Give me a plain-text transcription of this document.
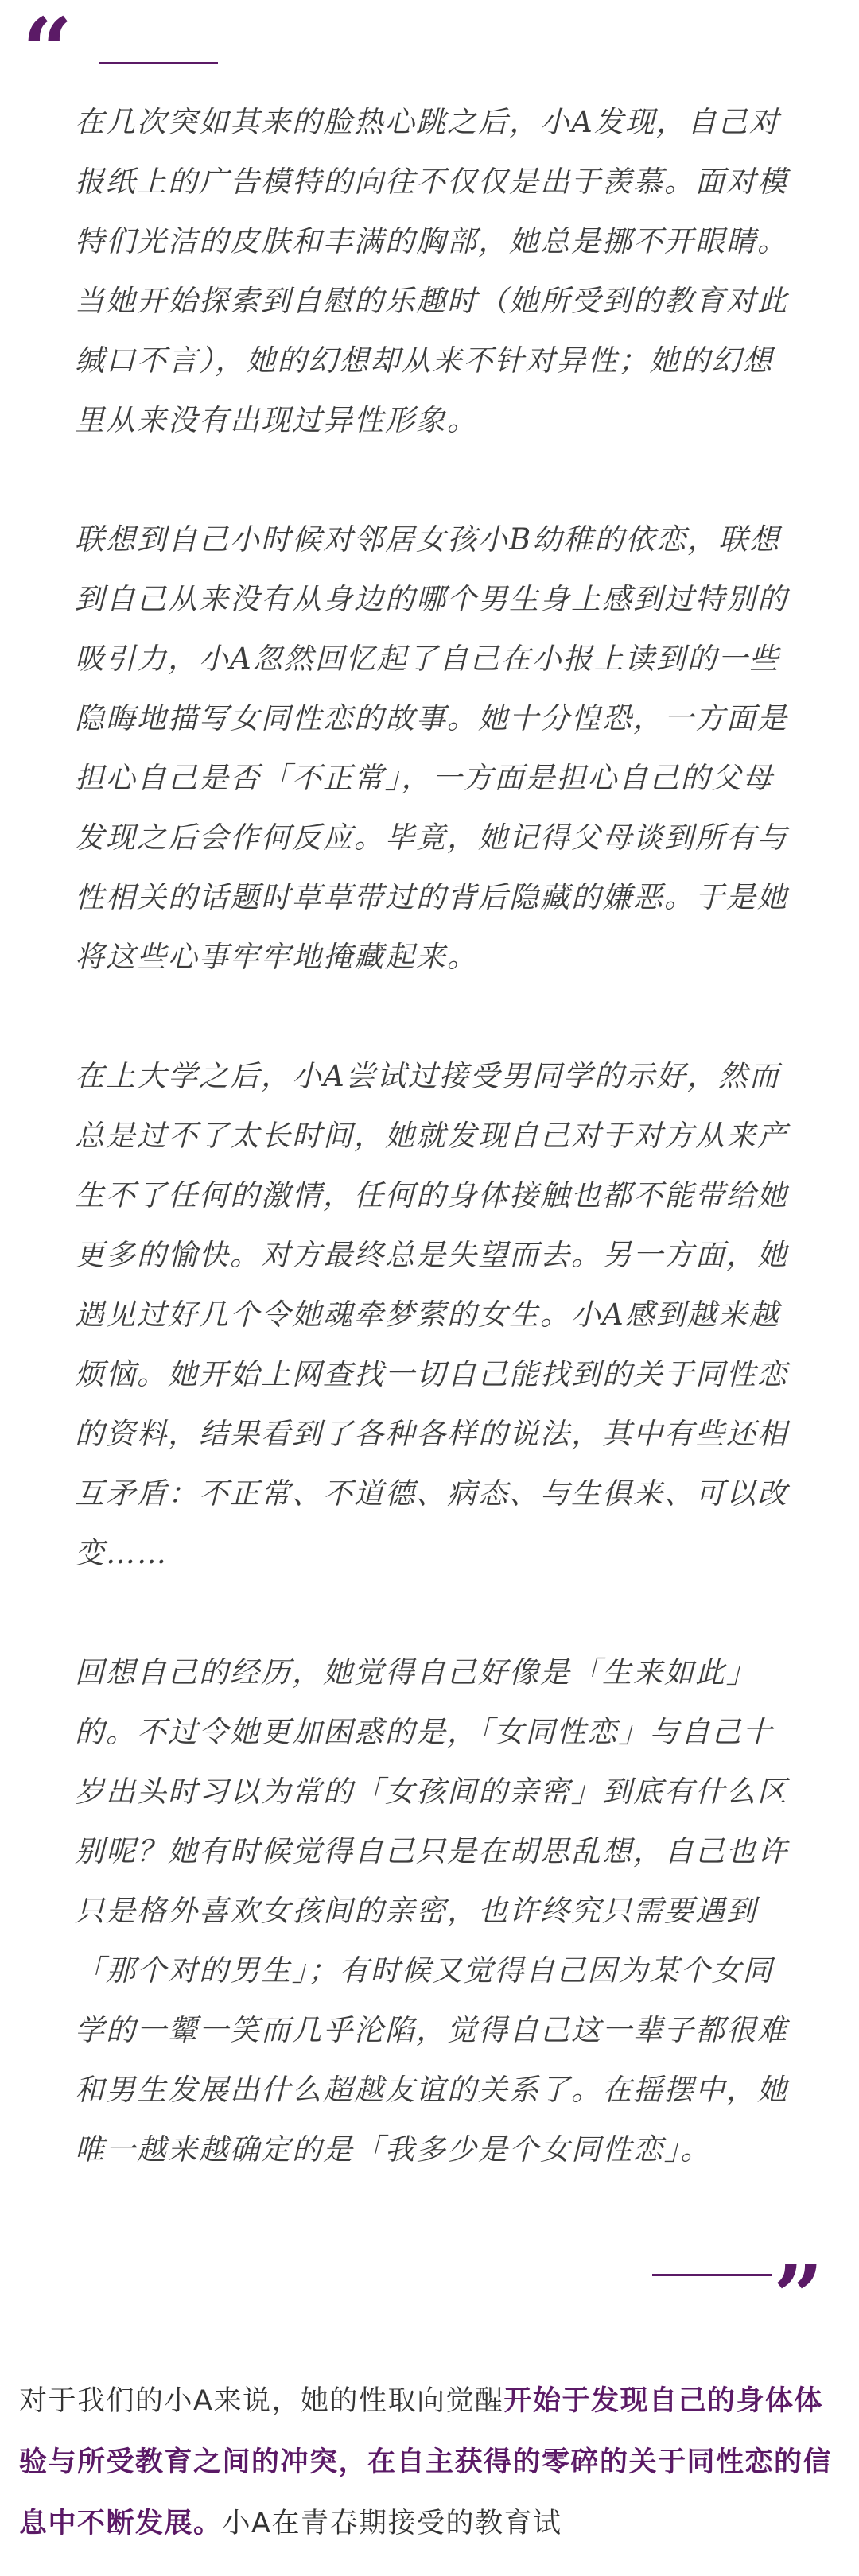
“

在几次突如其来的脸热心跳之后，小A发现，自己对报纸上的广告模特的向往不仅仅是出于羡慕。面对模特们光洁的皮肤和丰满的胸部，她总是挪不开眼睛。当她开始探索到自慰的乐趣时（她所受到的教育对此缄口不言），她的幻想却从来不针对异性；她的幻想里从来没有出现过异性形象。

联想到自己小时候对邻居女孩小B幼稚的依恋，联想到自己从来没有从身边的哪个男生身上感到过特别的吸引力，小A忽然回忆起了自己在小报上读到的一些隐晦地描写女同性恋的故事。她十分惶恐，一方面是担心自己是否「不正常」，一方面是担心自己的父母发现之后会作何反应。毕竟，她记得父母谈到所有与性相关的话题时草草带过的背后隐藏的嫌恶。于是她将这些心事牢牢地掩藏起来。

在上大学之后，小A尝试过接受男同学的示好，然而总是过不了太长时间，她就发现自己对于对方从来产生不了任何的激情，任何的身体接触也都不能带给她更多的愉快。对方最终总是失望而去。另一方面，她遇见过好几个令她魂牵梦萦的女生。小A感到越来越烦恼。她开始上网查找一切自己能找到的关于同性恋的资料，结果看到了各种各样的说法，其中有些还相互矛盾：不正常、不道德、病态、与生俱来、可以改变……

回想自己的经历，她觉得自己好像是「生来如此」的。不过令她更加困惑的是，「女同性恋」与自己十岁出头时习以为常的「女孩间的亲密」到底有什么区别呢？她有时候觉得自己只是在胡思乱想，自己也许只是格外喜欢女孩间的亲密，也许终究只需要遇到「那个对的男生」；有时候又觉得自己因为某个女同学的一颦一笑而几乎沦陷，觉得自己这一辈子都很难和男生发展出什么超越友谊的关系了。在摇摆中，她唯一越来越确定的是「我多少是个女同性恋」。

”
对于我们的小A来说，她的性取向觉醒开始于发现自己的身体体验与所受教育之间的冲突，在自主获得的零碎的关于同性恋的信息中不断发展。小A在青春期接受的教育试
